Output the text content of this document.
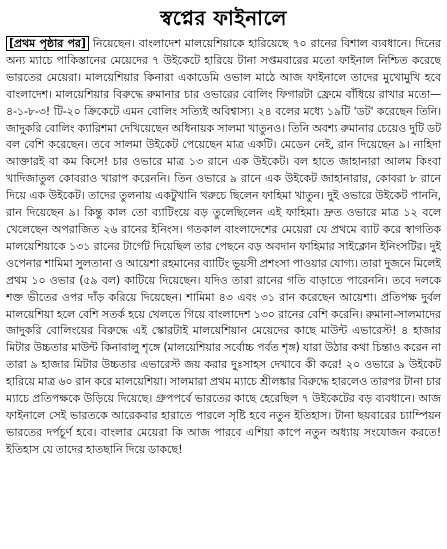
স্বপ্নের ফাইনালে
[প্রথম পৃষ্ঠার পর] নিয়েছেন। বাংলাদেশ মালয়েশিয়াকে হারিয়েছে ৭০ রানের বিশাল ব্যবধানে। দিনের অন্য ম্যাচে পাকিস্তানের মেয়েদের ৭ উইকেটে হারিয়ে টানা সপ্তমবারের মতো ফাইনাল নিশ্চিত করেছে ভারতের মেয়েরা। মালয়েশিয়ার কিনারা একাডেমি ওভাল মাঠে আজ ফাইনালে তাদের মুখোমুখি হবে বাংলাদেশ। মালয়েশিয়ার বিরুদ্ধে রুমানার চার ওভারের বোলিং ফিগারটা ফ্রেমে বাঁধিয়ে রাখার মতো—৪-১-৮-৩! টি-২০ ক্রিকেটে এমন বোলিং সত্যিই অবিশ্বাস্য। ২৪ বলের মধ্যে ১৯টি 'ডট' করেছেন তিনি। জাদুকরি বোলিং ক্যারিশমা দেখিয়েছেন অধিনায়ক সালমা খাতুনও। তিনি অবশ্য রুমানার চেয়েও দুটি ডট বল বেশি করেছেন। তবে সালমা উইকেট পেয়েছেন মাত্র একটি। মেডেন নেই, রান দিয়েছেন ৯। নাহিদা আক্তারই বা কম কিসে! চার ওভারে মাত্র ১৩ রানে এক উইকেট। বল হাতে জাহানারা আলম কিংবা খাদিজাতুল কোবরাও খারাপ করেননি। তিন ওভারে ৯ রানে এক উইকেট জাহানারার, কোবরা ৮ রানে দিয়ে এক উইকেট। তাদের তুলনায় একটুখানি খরুচে ছিলেন ফাহিমা খাতুন। দুই ওভারে উইকেট পাননি, রান দিয়েছেন ৯। কিন্তু কাল তো ব্যাটিংয়ে বড় তুলেছিলেন এই ফাহিমা। দ্রুত ওভারে মাত্র ১২ বলে খেলেছেন অপরাজিত ২৬ রানের ইনিংস। গতকাল বাংলাদেশের মেয়েরা যে প্রথমে ব্যাট করে স্বাগতিক মালয়েশিয়াকে ১৩১ রানের টার্গেট দিয়েছিল তার পেছনে বড় অবদান ফাহিমার সাইক্লোন ইনিংসটির। দুই ওপেনার শামিমা সুলতানা ও আয়েশা রহমানের ব্যাটিং ভূয়সী প্রশংসা পাওয়ার যোগ্য। তারা দুজনে মিলেই প্রথম ১০ ওভার (৫৯ বল) কাটিয়ে দিয়েছেন। যদিও তারা রানের গতি বাড়াতে পারেননি। তবে দলকে শক্ত ভীতের ওপর দাঁড় করিয়ে দিয়েছেন। শামিমা ৪৩ এবং ৩১ রান করেছেন আয়েশা। প্রতিপক্ষ দুর্বল মালয়েশিয়া হলে বেশি সতর্ক হয়ে খেলতে গিয়ে বাংলাদেশ ১৩০ রানের বেশি করেনি। রুমানা-সালমাদের জাদুকরি বোলিংয়ের বিরুদ্ধে এই স্কোরটাই মালয়েশিয়ান মেয়েদের কাছে মাউন্ট এভারেস্ট! ৪ হাজার মিটার উচ্চতার মাউন্ট কিনাবালু শৃঙ্গে (মালয়েশিয়ার সর্বোচ্চ পর্বত শৃঙ্গ) যারা উঠার কথা চিন্তাও করেন না তারা ৯ হাজার মিটার উচ্চতার এভারেস্ট জয় করার দুঃসাহস দেখাবে কী করে! ২০ ওভারে ৯ উইকেট হারিয়ে মাত্র ৬০ রান করে মালয়েশিয়া। সালমারা প্রথম ম্যাচে শ্রীলঙ্কার বিরুদ্ধে হারলেও তারপর টানা চার ম্যাচে প্রতিপক্ষকে উড়িয়ে দিয়েছে। গ্রুপপর্বে ভারতের কাছে হেরেছিল ৭ উইকেটের বড় ব্যবধানে। আজ ফাইনালে সেই ভারতকে আরেকবার হারাতে পারলে সৃষ্টি হবে নতুন ইতিহাস। টানা ছয়বারের চ্যাম্পিয়ন ভারতের দর্পচূর্ণ হবে। বাংলার মেয়েরা কি আজ পারবে এশিয়া কাপে নতুন অধ্যায় সংযোজন করতে! ইতিহাস যে তাদের হাতছানি দিয়ে ডাকছে!
